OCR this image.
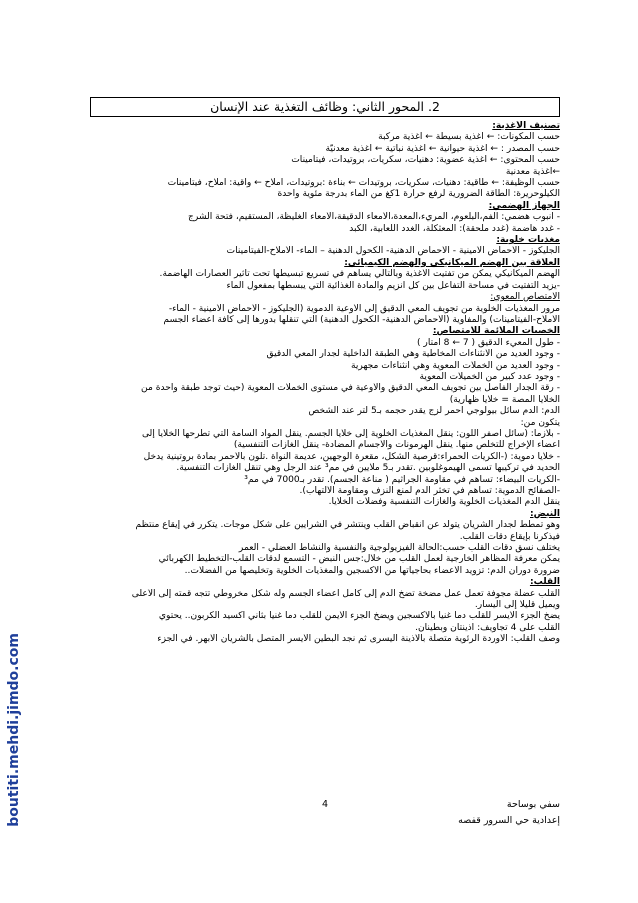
boutiti.mehdi.jimdo.com
2. المحور الثاني: وظائف التغذية عند الإنسان
تصنيف الأغذية:
حسب المكونات: ← أغذية بسيطة ← أغذية مركبة
حسب المصدر : ← أغذية حيوانية ← أغذية نباتية ← أغذية معدنيّة
حسب المحتوى: ← أغذية عضوية: دهنيات، سكريات، بروتيدات، فيتامينات
←أغذية معدنية
حسب الوظيفة: ← طاقية: دهنيات، سكريات، بروتيدات ← بناءة :بروتيدات، أملاح ← واقية: أملاح، فيتامينات
الكيلوحريرة: الطاقة الضرورية لرفع حرارة 1كغ من الماء بدرجة مئوية واحدة
الجهاز الهضمي:
- أنبوب هضمي: الفم،البلعوم، المريء،المعدة،الأمعاء الدقيقة،الأمعاء الغليظة، المستقيم، فتحة الشرج
- غدد هاضمة (غدد ملحقة): المعثكلة، الغدد اللعابية، الكبد
مغذيات خلوية:
الجليكوز - الأحماض الأمينية - الأحماض الدهنية- الكحول الدهنية – الماء- الأملاح-الفيتامينات
العلاقة بين الهضم الميكانيكي والهضم الكيميائي:
الهضم الميكانيكي يمكن من تفتيت الأغذية وبالتالي يساهم في تسريع تبسيطها تحت تأثير العصارات الهاضمة.
-يزيد التفتيت في مساحة التفاعل بين كل أنزيم والمادة الغذائية التي يبسطها بمفعول الماء
الامتصاص المعوي:
مرور المغذيات الخلوية من تجويف المعي الدقيق إلى الأوعية الدموية (الجليكوز - الأحماض الأمينية - الماء-
الأملاح-الفيتامينات) والمفاوية (الأحماض الدهنية- الكحول الدهنية) التي تنقلها بدورها إلى كافة أعضاء الجسم
الخصيات الملائمة للامتصاص:
- طول المعيء الدقيق ( 7 ← 8 أمتار )
- وجود العديد من الانثناءات المخاطية وهي الطبقة الداخلية لجدار المعي الدقيق
- وجود العديد من الخملات المعوية وهي انثناءات مجهرية
- وجود عدد كبير من الخميلات المعوية
- رقة الجدار الفاصل بين تجويف المعي الدقيق والأوعية في مستوى الخملات المعوية (حيث توجد طبقة واحدة من
الخلايا المصة = خلايا ظهارية)
الدم: الدم سائل بيولوجي أحمر لزج يقدر حجمه بـ5 لتر عند الشخص
يتكون من:
- بلازما: (سائل أصفر اللون: ينقل المغذيات الخلوية إلى خلايا الجسم. ينقل المواد السامة التي تطرحها الخلايا إلى
أعضاء الإخراج للتخلص منها. ينقل الهرمونات والأجسام المضادة- ينقل الغازات التنفسية)
- خلايا دموية: (-الكريات الحمراء:قرصية الشكل، مقعرة الوجهين، عديمة النواة .تلون بالأحمر بمادة بروتينية يدخل
الحديد في تركيبها تسمى الهيموغلوبين .تقدر بـ5 ملايين في مم³ عند الرجل وهي تنقل الغازات التنفسية.
-الكريات البيضاء: تساهم في مقاومة الجراثيم ( مناعة الجسم). تقدر بـ7000 في مم³
-الصفائح الدموية: تساهم في تخثر الدم لمنع النزف ومقاومة الالتهاب).
ينقل الدم المغذيات الخلوية والغازات التنفسية وفضلات الخلايا.
النبض:
وهو تمطط لجدار الشريان يتولد عن انقباض القلب وينتشر في الشرايين على شكل موجات. يتكرر في إيقاع منتظم
فيذكرنا بإيقاع دقات القلب.
يختلف نسق دقات القلب حسب:الحالة الفيزيولوجية والنفسية والنشاط العضلي - العمر
يمكن معرفة المظاهر الخارجية لعمل القلب من خلال:جس النبض - التسمع لدقات القلب-التخطيط الكهربائي
ضرورة دوران الدم: تزويد الأعضاء بحاجياتها من الأكسجين والمغذيات الخلوية وتخليصها من الفضلات..
القلب:
القلب عضلة مجوفة تعمل عمل مضخة تضخ الدم إلى كامل أعضاء الجسم وله شكل مخروطي تتجه قمته إلى الأعلى
ويميل قليلا إلى اليسار.
يضخ الجزء الأيسر للقلب دما غنيا بالأكسجين ويضخ الجزء الأيمن للقلب دما غنيا بثاني أكسيد الكربون.. يحتوي
القلب على 4 تجاويف: أذينتان وبطينان.
وصف القلب: الأوردة الرئوية متصلة بالأذينة اليسرى ثم نجد البطين الأيسر المتصل بالشريان الأبهر. في الجزء
سفي بوساحة
4
إعدادية حي السرور قفصه
